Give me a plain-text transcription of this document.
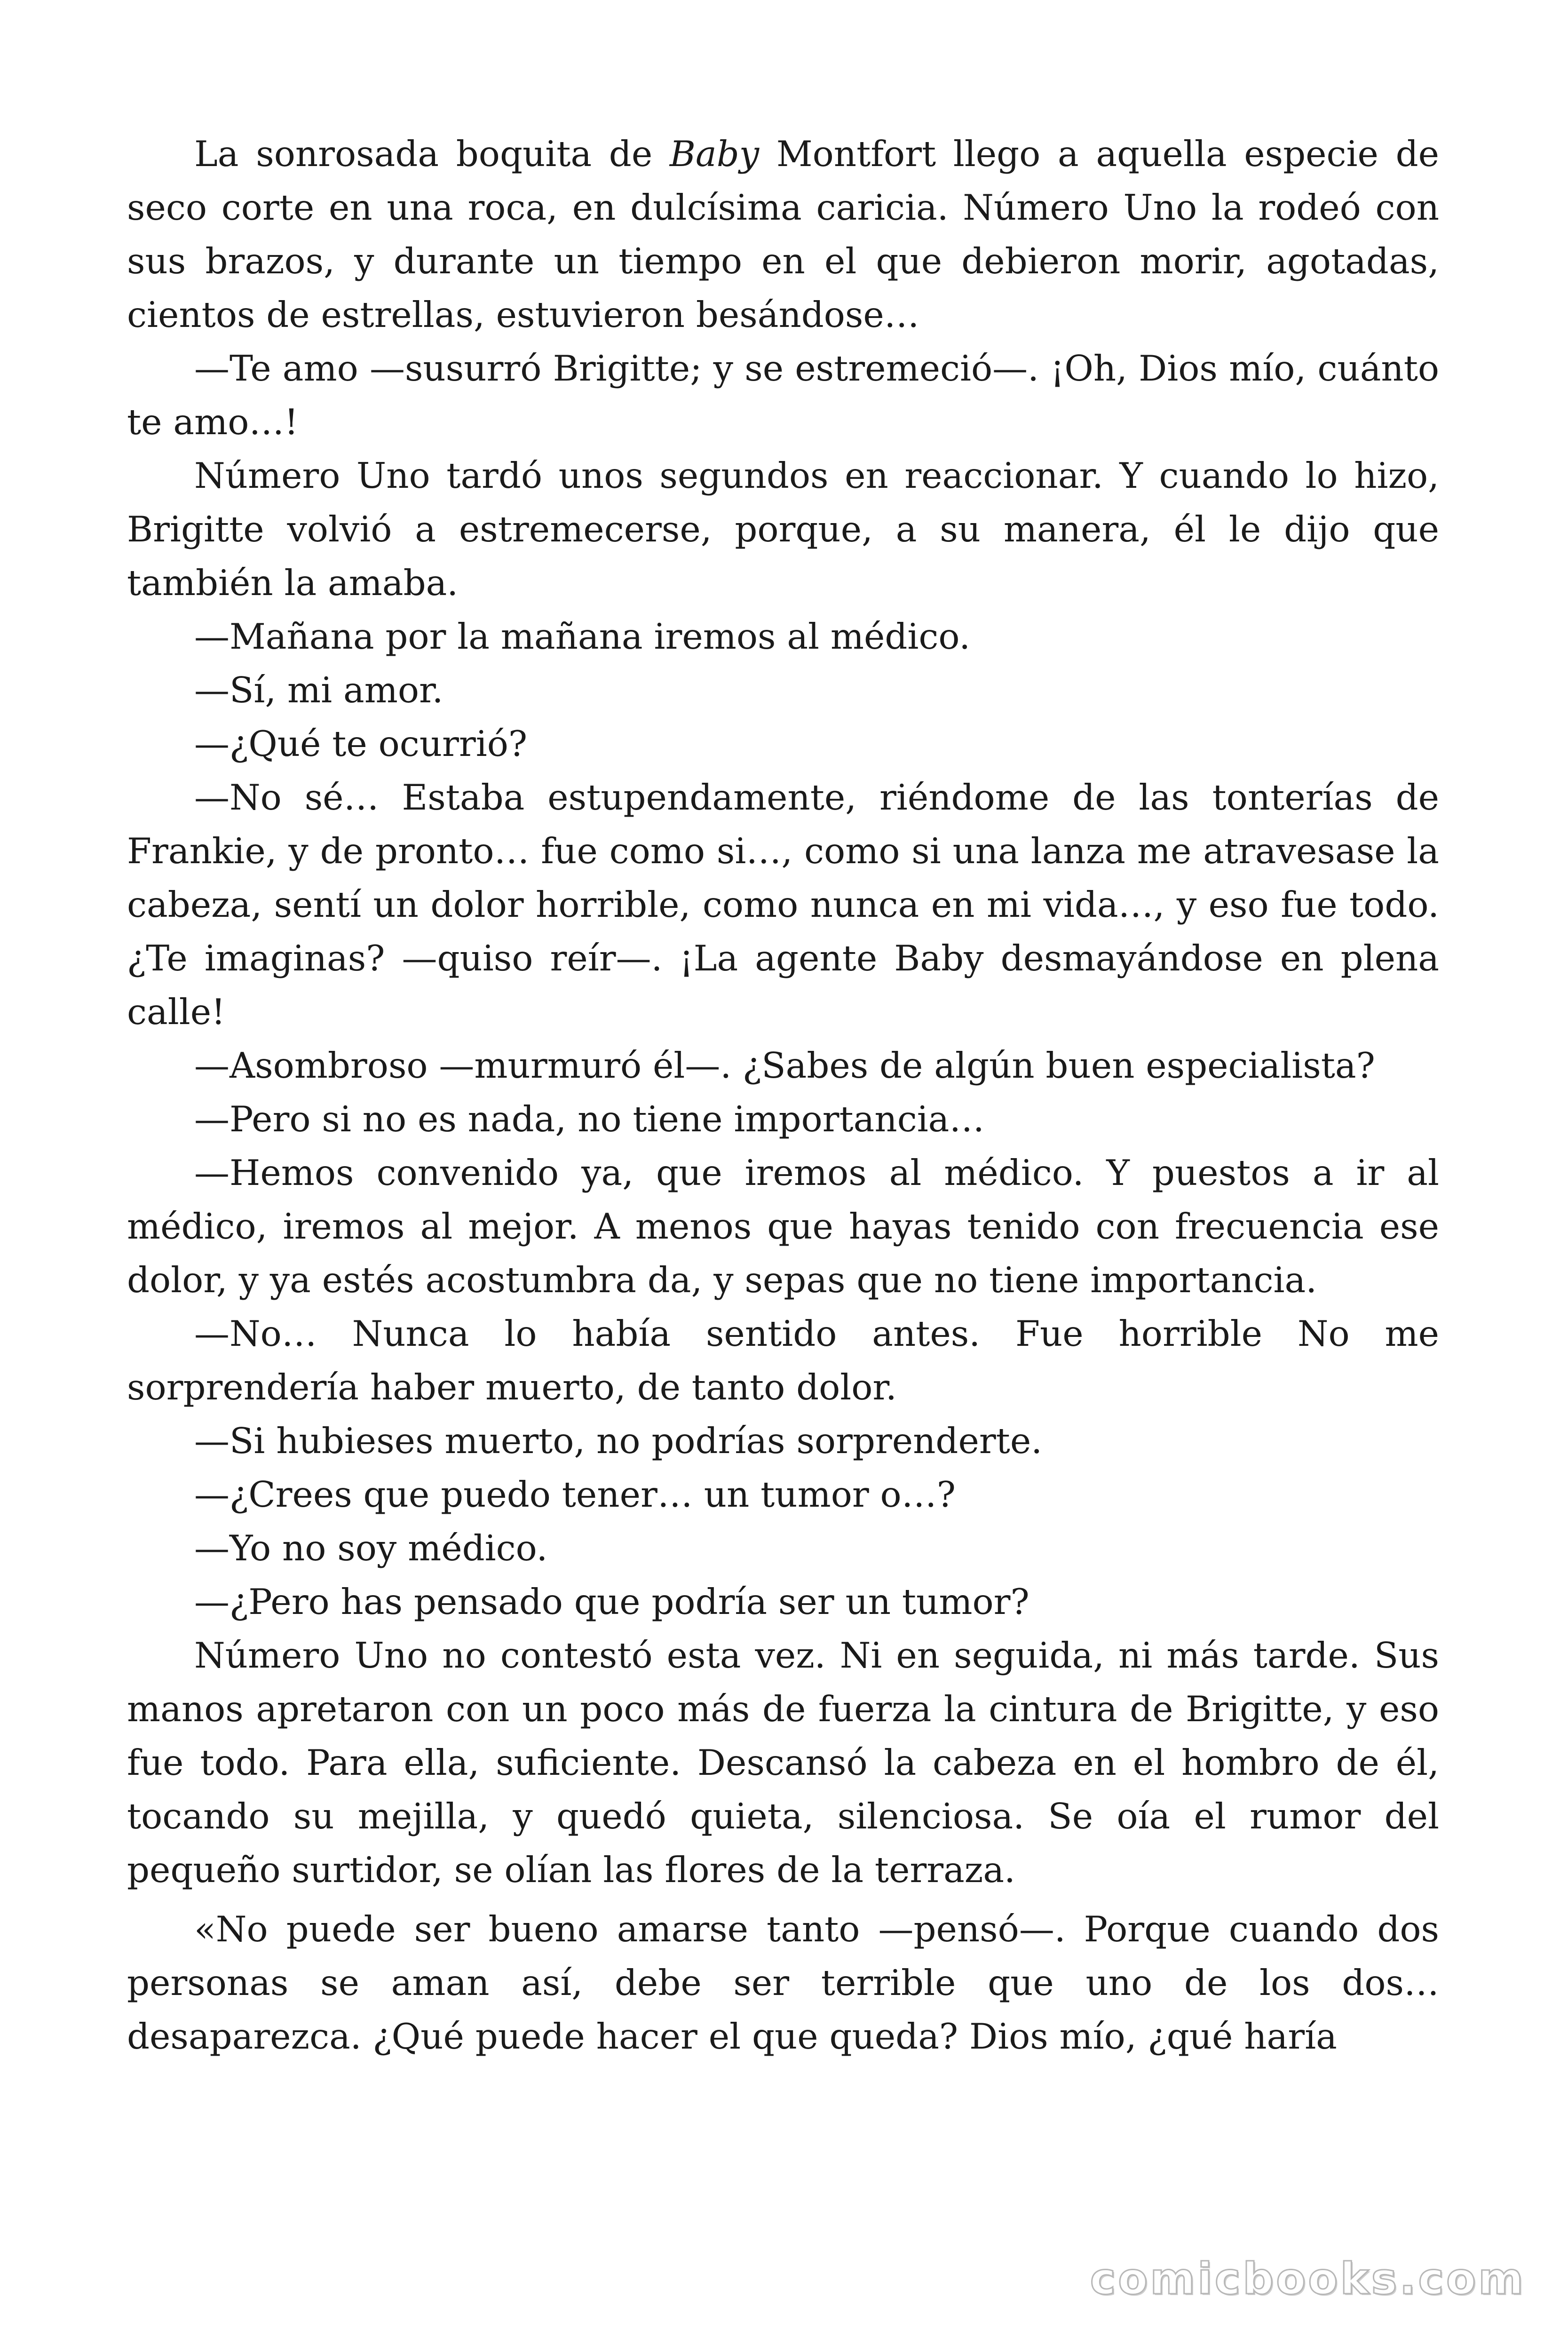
La sonrosada boquita de Baby Montfort llego a aquella especie de seco corte en una roca, en dulcísima caricia. Número Uno la rodeó con sus brazos, y durante un tiempo en el que debieron morir, agotadas, cientos de estrellas, estuvieron besándose…

—Te amo —susurró Brigitte; y se estremeció—. ¡Oh, Dios mío, cuánto te amo…!

Número Uno tardó unos segundos en reaccionar. Y cuando lo hizo, Brigitte volvió a estremecerse, porque, a su manera, él le dijo que también la amaba.

—Mañana por la mañana iremos al médico.

—Sí, mi amor.

—¿Qué te ocurrió?

—No sé… Estaba estupendamente, riéndome de las tonterías de Frankie, y de pronto… fue como si…, como si una lanza me atravesase la cabeza, sentí un dolor horrible, como nunca en mi vida…, y eso fue todo. ¿Te imaginas? —quiso reír—. ¡La agente Baby desmayándose en plena calle!

—Asombroso —murmuró él—. ¿Sabes de algún buen especialista?

—Pero si no es nada, no tiene importancia…

—Hemos convenido ya, que iremos al médico. Y puestos a ir al médico, iremos al mejor. A menos que hayas tenido con frecuencia ese dolor, y ya estés acostumbra da, y sepas que no tiene importancia.

—No… Nunca lo había sentido antes. Fue horrible No me sorprendería haber muerto, de tanto dolor.

—Si hubieses muerto, no podrías sorprenderte.

—¿Crees que puedo tener… un tumor o…?

—Yo no soy médico.

—¿Pero has pensado que podría ser un tumor?

Número Uno no contestó esta vez. Ni en seguida, ni más tarde. Sus manos apretaron con un poco más de fuerza la cintura de Brigitte, y eso fue todo. Para ella, suficiente. Descansó la cabeza en el hombro de él, tocando su mejilla, y quedó quieta, silenciosa. Se oía el rumor del pequeño surtidor, se olían las flores de la terraza.

«No puede ser bueno amarse tanto —pensó—. Porque cuando dos personas se aman así, debe ser terrible que uno de los dos… desaparezca. ¿Qué puede hacer el que queda? Dios mío, ¿qué haría

comicbooks.com
